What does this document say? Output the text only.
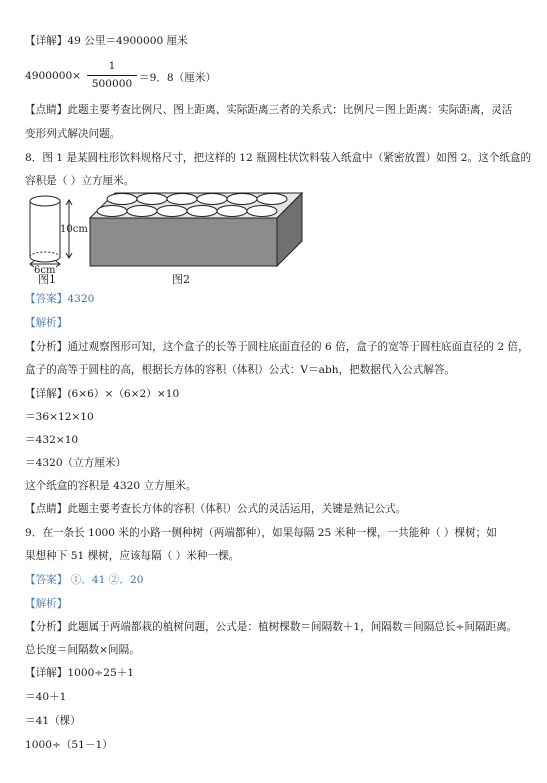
【详解】49 公里＝4900000 厘米
4900000×
1
500000 ＝9．8（厘米）
【点睛】此题主要考查比例尺、图上距离、实际距离三者的关系式：比例尺＝图上距离：实际距离，灵活
变形列式解决问题。
8．图 1 是某圆柱形饮料规格尺寸，把这样的 12 瓶圆柱状饮料装入纸盒中（紧密放置）如图 2。这个纸盒的
容积是（ ）立方厘米。
10cm
6cm
图1	图2
【答案】4320
【解析】
【分析】通过观察图形可知，这个盒子的长等于圆柱底面直径的 6 倍，盒子的宽等于圆柱底面直径的 2 倍，
盒子的高等于圆柱的高，根据长方体的容积（体积）公式：V＝abh，把数据代入公式解答。
【详解】(6×6）×（6×2）×10
＝36×12×10
＝432×10
＝4320（立方厘米）
这个纸盒的容积是 4320 立方厘米。
【点睛】此题主要考查长方体的容积（体积）公式的灵活运用，关键是熟记公式。
9．在一条长 1000 米的小路一侧种树（两端都种），如果每隔 25 米种一棵，一共能种（ ）棵树；如
果想种下 51 棵树，应该每隔（ ）米种一棵。
【答案】 ①．41 ②．20
【解析】
【分析】此题属于两端都栽的植树问题，公式是：植树棵数＝间隔数＋1，间隔数＝间隔总长÷间隔距离。
总长度＝间隔数×间隔。
【详解】1000÷25＋1
＝40＋1
＝41（棵）
1000÷（51－1）
